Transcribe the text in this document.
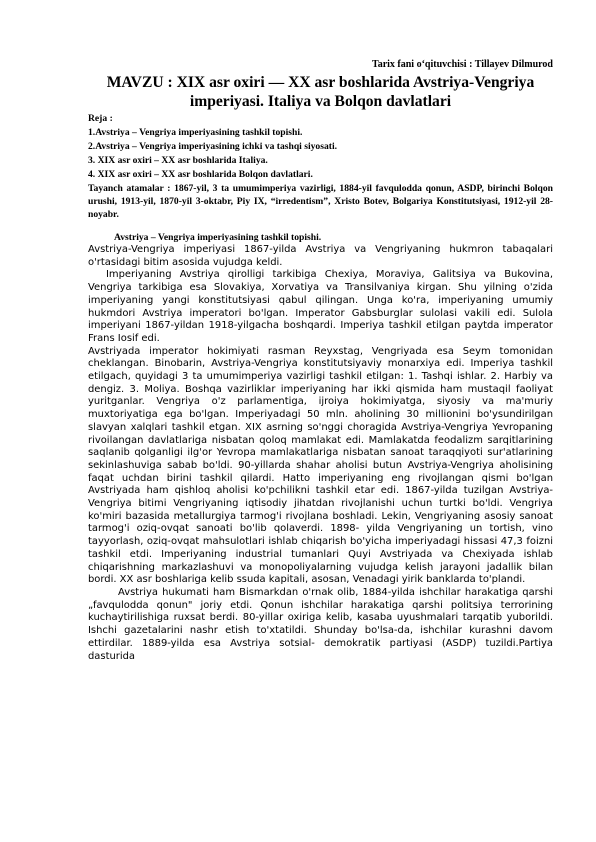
Tarix fani o‘qituvchisi : Tillayev Dilmurod
MAVZU : XIX asr oxiri — XX asr boshlarida Avstriya-Vengriya imperiyasi. Italiya va Bolqon davlatlari
Reja :
1.Avstriya – Vengriya imperiyasining tashkil topishi.
2.Avstriya – Vengriya imperiyasining ichki va tashqi siyosati.
3. XIX asr oxiri – XX asr boshlarida Italiya.
4. XIX asr oxiri – XX asr boshlarida Bolqon davlatlari.
Tayanch atamalar : 1867-yil, 3 ta umumimperiya vazirligi, 1884-yil favqulodda qonun, ASDP, birinchi Bolqon urushi, 1913-yil, 1870-yil 3-oktabr, Piy IX, “irredentism”, Xristo Botev, Bolgariya Konstitutsiyasi, 1912-yil 28-noyabr.
Avstriya – Vengriya imperiyasining tashkil topishi.

Avstriya-Vengriya imperiyasi 1867-yilda Avstriya va Vengriyaning hukmron tabaqalari o'rtasidagi bitim asosida vujudga keldi.

Imperiyaning Avstriya qirolligi tarkibiga Chexiya, Moraviya, Galitsiya va Bukovina, Vengriya tarkibiga esa Slovakiya, Xorvatiya va Transilvaniya kirgan. Shu yilning o'zida imperiyaning yangi konstitutsiyasi qabul qilingan. Unga ko'ra, imperiyaning umumiy hukmdori Avstriya imperatori bo'lgan. Imperator Gabsburglar sulolasi vakili edi. Sulola imperiyani 1867-yildan 1918-yilgacha boshqardi. Imperiya tashkil etilgan paytda imperator Frans Iosif edi.

Avstriyada imperator hokimiyati rasman Reyxstag, Vengriyada esa Seym tomonidan cheklangan. Binobarin, Avstriya-Vengriya konstitutsiyaviy monarxiya edi. Imperiya tashkil etilgach, quyidagi 3 ta umumimperiya vazirligi tashkil etilgan: 1. Tashqi ishlar. 2. Harbiy va dengiz. 3. Moliya. Boshqa vazirliklar imperiyaning har ikki qismida ham mustaqil faoliyat yuritganlar. Vengriya o'z parlamentiga, ijroiya hokimiyatga, siyosiy va ma'muriy muxtoriyatiga ega bo'lgan. Imperiyadagi 50 mln. aholining 30 millionini bo'ysundirilgan slavyan xalqlari tashkil etgan. XIX asrning so'nggi choragida Avstriya-Vengriya Yevropaning rivoilangan davlatlariga nisbatan qoloq mamlakat edi. Mamlakatda feodalizm sarqitlarining saqlanib qolganligi ilg'or Yevropa mamlakatlariga nisbatan sanoat taraqqiyoti sur'atlarining sekinlashuviga sabab bo'ldi. 90-yillarda shahar aholisi butun Avstriya-Vengriya aholisining faqat uchdan birini tashkil qilardi. Hatto imperiyaning eng rivojlangan qismi bo'lgan Avstriyada ham qishloq aholisi ko'pchilikni tashkil etar edi. 1867-yilda tuzilgan Avstriya-Vengriya bitimi Vengriyaning iqtisodiy jihatdan rivojlanishi uchun turtki bo'ldi. Vengriya ko'miri bazasida metallurgiya tarmog'i rivojlana boshladi. Lekin, Vengriyaning asosiy sanoat tarmog'i oziq-ovqat sanoati bo'lib qolaverdi. 1898- yilda Vengriyaning un tortish, vino tayyorlash, oziq-ovqat mahsulotlari ishlab chiqarish bo'yicha imperiyadagi hissasi 47,3 foizni tashkil etdi. Imperiyaning industrial tumanlari Quyi Avstriyada va Chexiyada ishlab chiqarishning markazlashuvi va monopoliyalarning vujudga kelish jarayoni jadallik bilan bordi. XX asr boshlariga kelib ssuda kapitali, asosan, Venadagi yirik banklarda to'plandi.

Avstriya hukumati ham Bismarkdan o'rnak olib, 1884-yilda ishchilar harakatiga qarshi „favqulodda qonun" joriy etdi. Qonun ishchilar harakatiga qarshi politsiya terrorining kuchaytirilishiga ruxsat berdi. 80-yillar oxiriga kelib, kasaba uyushmalari tarqatib yuborildi. Ishchi gazetalarini nashr etish to'xtatildi. Shunday bo'lsa-da, ishchilar kurashni davom ettirdilar. 1889-yilda esa Avstriya sotsial- demokratik partiyasi (ASDP) tuzildi.Partiya dasturida
